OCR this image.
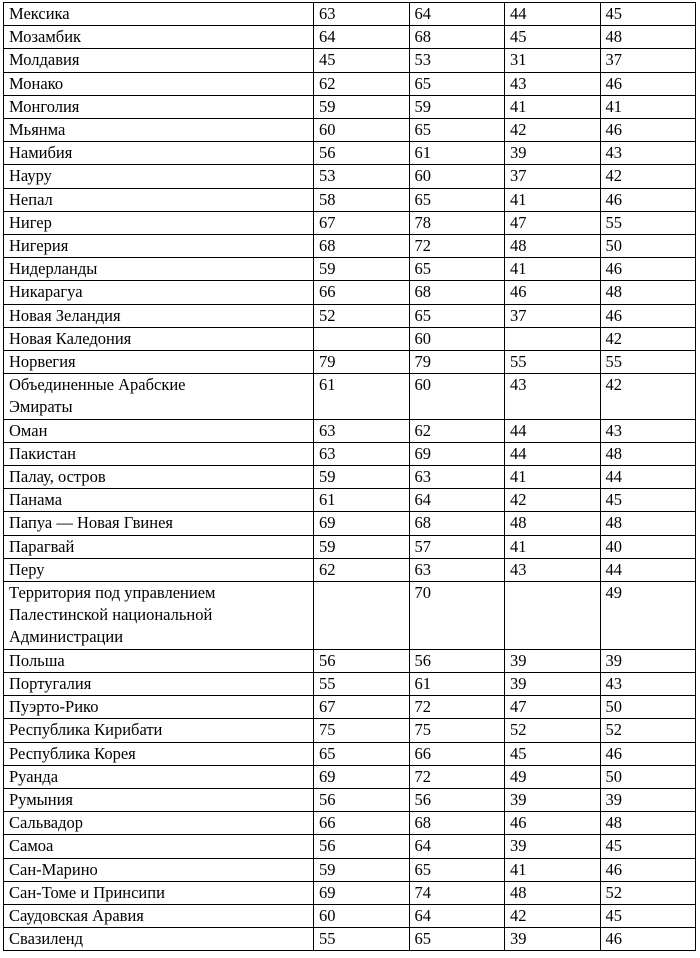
Мексика	63	64	44	45
Мозамбик	64	68	45	48
Молдавия	45	53	31	37
Монако	62	65	43	46
Монголия	59	59	41	41
Мьянма	60	65	42	46
Намибия	56	61	39	43
Науру	53	60	37	42
Непал	58	65	41	46
Нигер	67	78	47	55
Нигерия	68	72	48	50
Нидерланды	59	65	41	46
Никарагуа	66	68	46	48
Новая Зеландия	52	65	37	46
Новая Каледония		60		42
Норвегия	79	79	55	55
Объединенные Арабские
Эмираты	61	60	43	42
Оман	63	62	44	43
Пакистан	63	69	44	48
Палау, остров	59	63	41	44
Панама	61	64	42	45
Папуа — Новая Гвинея	69	68	48	48
Парагвай	59	57	41	40
Перу	62	63	43	44
Территория под управлением
Палестинской национальной
Администрации		70		49
Польша	56	56	39	39
Португалия	55	61	39	43
Пуэрто-Рико	67	72	47	50
Республика Кирибати	75	75	52	52
Республика Корея	65	66	45	46
Руанда	69	72	49	50
Румыния	56	56	39	39
Сальвадор	66	68	46	48
Самоа	56	64	39	45
Сан-Марино	59	65	41	46
Сан-Томе и Принсипи	69	74	48	52
Саудовская Аравия	60	64	42	45
Свазиленд	55	65	39	46
